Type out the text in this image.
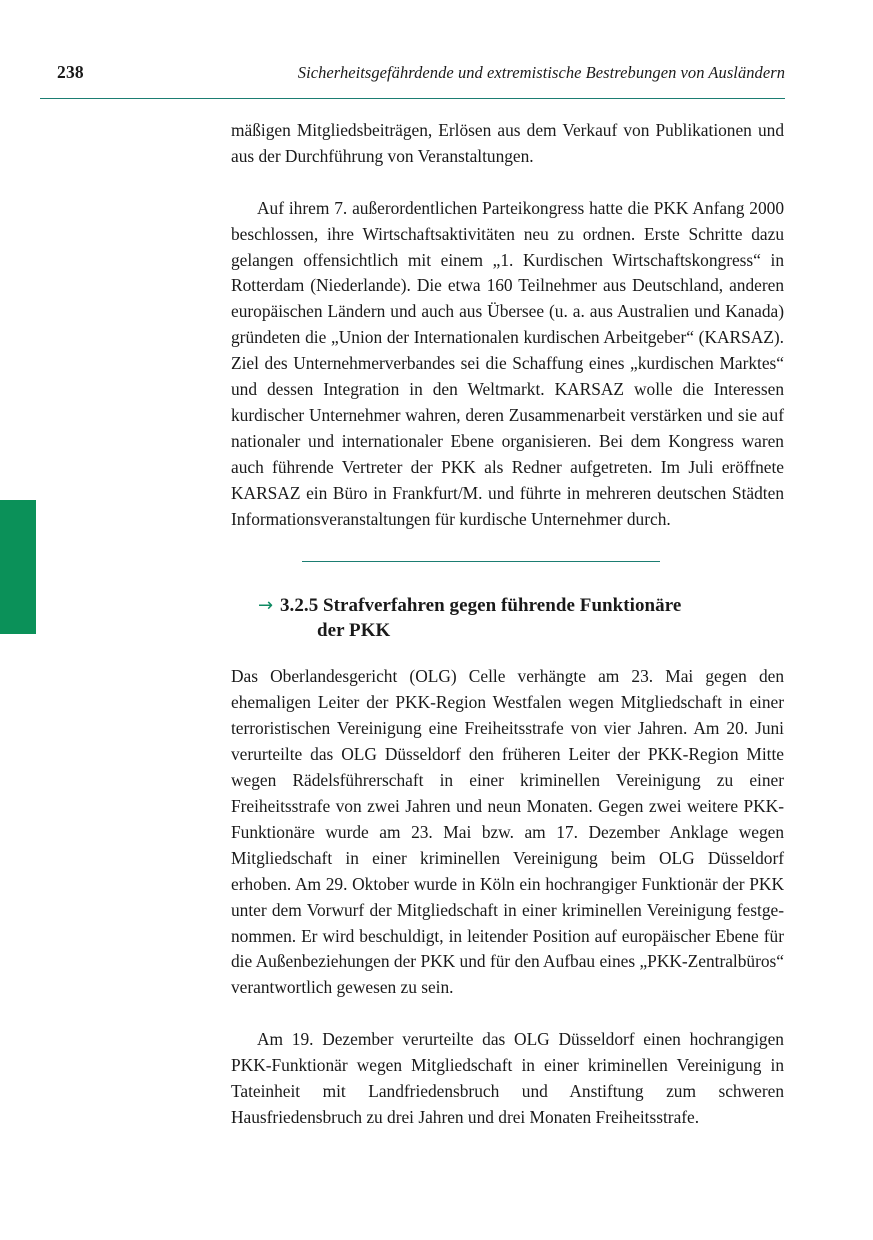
238	Sicherheitsgefährdende und extremistische Bestrebungen von Ausländern

mäßigen Mitgliedsbeiträgen, Erlösen aus dem Verkauf von Publikationen und aus der Durchführung von Veranstaltungen.

Auf ihrem 7. außerordentlichen Parteikongress hatte die PKK Anfang 2000 beschlossen, ihre Wirtschaftsaktivitäten neu zu ordnen. Erste Schritte dazu gelangen offensichtlich mit einem „1. Kurdischen Wirtschaftskongress“ in Rotterdam (Niederlande). Die etwa 160 Teilnehmer aus Deutschland, anderen europäischen Ländern und auch aus Übersee (u. a. aus Australien und Kanada) gründeten die „Union der Internationalen kurdischen Arbeitgeber“ (KARSAZ). Ziel des Unternehmerverbandes sei die Schaffung eines „kurdischen Marktes“ und dessen Integration in den Weltmarkt. KARSAZ wolle die Interessen kurdischer Unternehmer wahren, deren Zusammenarbeit verstärken und sie auf nationaler und internationaler Ebene organisieren. Bei dem Kongress waren auch führende Vertreter der PKK als Redner aufgetreten. Im Juli eröffnete KARSAZ ein Büro in Frankfurt/M. und führte in mehreren deutschen Städten Informationsveranstaltungen für kurdische Unternehmer durch.

→ 3.2.5 Strafverfahren gegen führende Funktionäre
der PKK

Das Oberlandesgericht (OLG) Celle verhängte am 23. Mai gegen den ehemaligen Leiter der PKK-Region Westfalen wegen Mitgliedschaft in einer terroristischen Vereinigung eine Freiheitsstrafe von vier Jahren. Am 20. Juni verurteilte das OLG Düsseldorf den früheren Leiter der PKK-Region Mitte wegen Rädelsführerschaft in einer kriminellen Vereinigung zu einer Freiheitsstrafe von zwei Jahren und neun Monaten. Gegen zwei weitere PKK-Funktionäre wurde am 23. Mai bzw. am 17. Dezember Anklage wegen Mitgliedschaft in einer kriminellen Vereinigung beim OLG Düsseldorf erhoben. Am 29. Oktober wurde in Köln ein hochrangiger Funktionär der PKK unter dem Vorwurf der Mitgliedschaft in einer kriminellen Vereinigung festgenommen. Er wird beschuldigt, in leitender Position auf europäischer Ebene für die Außenbeziehungen der PKK und für den Aufbau eines „PKK-Zentralbüros“ verantwortlich gewesen zu sein.

Am 19. Dezember verurteilte das OLG Düsseldorf einen hochrangigen PKK-Funktionär wegen Mitgliedschaft in einer kriminellen Vereinigung in Tateinheit mit Landfriedensbruch und Anstiftung zum schweren Hausfriedensbruch zu drei Jahren und drei Monaten Freiheitsstrafe.
